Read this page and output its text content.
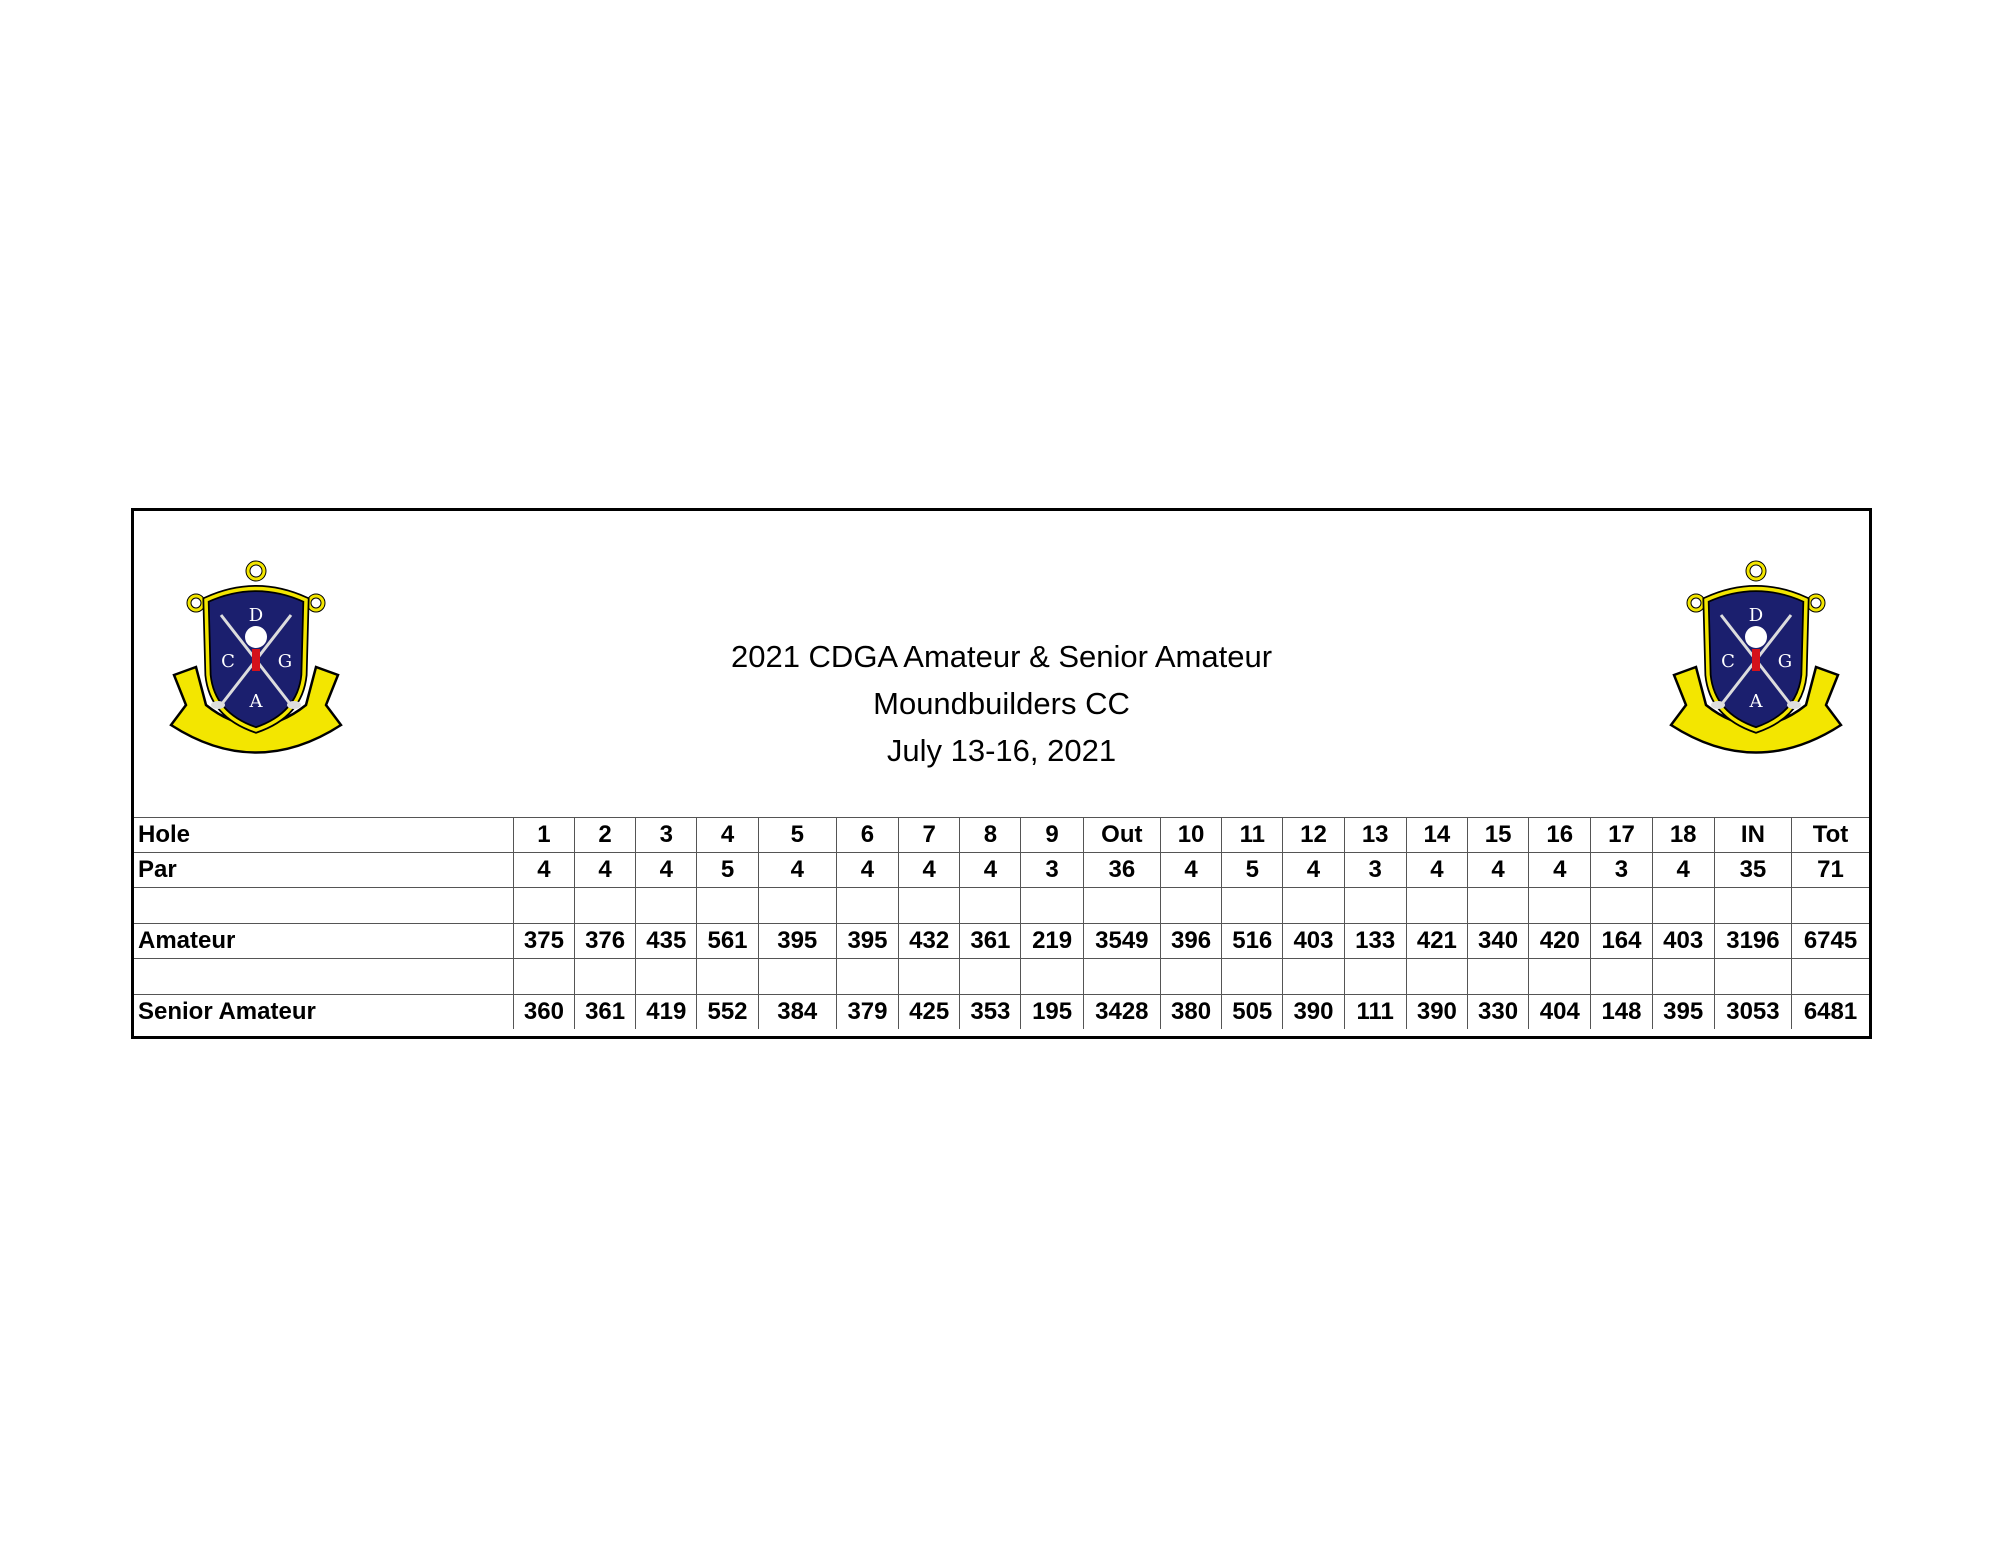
D
C G
A
D
C G
A
2021 CDGA Amateur & Senior Amateur
Moundbuilders CC
July 13-16, 2021
Hole	1	2	3	4	5	6	7	8	9	Out	10	11	12	13	14	15	16	17	18	IN	Tot
Par	4	4	4	5	4	4	4	4	3	36	4	5	4	3	4	4	4	3	4	35	71

Amateur	375	376	435	561	395	395	432	361	219	3549	396	516	403	133	421	340	420	164	403	3196	6745

Senior Amateur	360	361	419	552	384	379	425	353	195	3428	380	505	390	111	390	330	404	148	395	3053	6481
